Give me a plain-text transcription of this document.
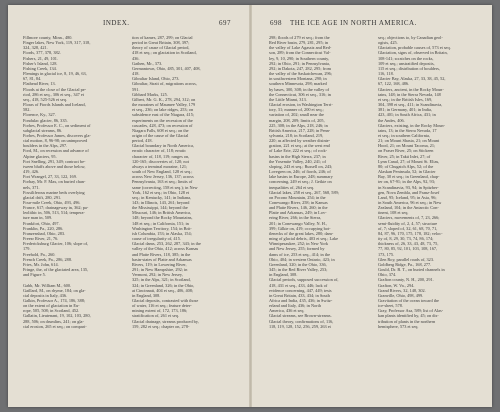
INDEX.	697
Fillmore county, Minn., 480.
Finger lakes, New York, 119, 317, 318,
324, 328, 421.
Fiords, 377, 378, 382.
Fishers, 21, 49, 101.
Fisher's Island, 128.
Fishing Creek, 134.
Flemings in glacial ice, 8, 19, 46, 63,
67, 81, 84.
Flathead River, 13.
Floods at the close of the Glacial pe-
riod, 286 et seq., 306 et seq., 347 et
seq., 418, 525-526 et seq.
Floras of Fiords Islands and Iceland,
582.
Florence, Ky., 327.
Fondulac glacier, 86, 335.
Forbes, Professor E. C., on sediment of
subglacial streams, 86.
Forbes, Professor James, discovers gla-
cial motion, 8, 96-98; on unimproved
boulders in the Alps, 297.
Ford, M., on recession and advance of
Alpine glaciers, 95.
Fort Snelling, 291, 349; contract be-
tween bluffs above and those below,
419, 426.
Fort Wrangel, 27, 33, 122, 169.
Forbay, Mr. F. Max, on buried chan-
nels, 371.
Fossiliferous marine beds overlying
glacial drift, 280, 291.
Four-mile Creek, Ohio, 493, 496.
France, 617; drainageway in, 362; pa-
leolithic in, 506, 513, 514; tempera-
ture man in, 509.
Frankfort, Ohio, 497.
Franklin, Pa., 220, 286.
Franzensbad, Ohio, 283.
Freezr River, 21, 76.
Fredericksburg Glacier, 106; slope of,
179.
Freehold, Pa., 260.
French Creek, Pa., 286, 288.
Fries, Mr. John, 614.
Fringe, the, of the glaciated area, 135,
and Figure 5.

Gabb, Mr. William M., 600.
Gaillard, M., on rhyme, 184; on gla-
cial deposits in Italy, 436.
Galkin, Professor A., 174, 186, 388;
on the extent of glaciation in Eu-
rope, 505, 508; in Scotland, 452.
Gallatin, Lieutenant, 19, 102, 103, 280,
288, 506; on drumlins, 241; on gla-
cial erosion, 265 et seq.; on compari-
tion of kames, 287, 299; on Glacial
period in Great Britain, 308, 397;
theory of cause of Glacial period,
418 et seq.; on glaciation in Scotland,
436.
Gathen, Mr., 373.
Germantown, Ohio, 485, 301, 407, 408,
418.
Gibraltar Island, Ohio, 273.
Gibraltar, Strait of, migrations across,
591.
Gibbard Marks, 125.
Gilbert, Mr. G. K., 278, 294, 312; on
the moraines of Maumee Valley, 179
et seq., 236; on lake ridges, 253; on
subsidence east of the Niagara, 415;
experiments on the recession of the
cascades, 428, 473; on recession of
Niagara Falls, 608 et seq.; on the
origin of the cause of the Glacial
period, 418.
Glacial boundary in North America,
erratic character of, 118; erratic
character of, 118, 119; ranges on,
120-165; discoveries of, 120; not
always a terminal moraine, 121;
south of New England, 128 et seq.;
across New Jersey, 136, 137; across
Pennsylvania, 163 et seq.; limits of
same (correcting, 158 et seq.); in New
York, 162 et seq.; in Ohio, 128 et
seq.; in Kentucky, 141; in Indiana,
143; in Illinois, 143, 261; beyond
the Mississippi, 144; beyond the
Missouri, 146; in British America,
148; beyond the Rocky Mountains,
148 et seq.; in California, 151; in
Washington Territory, 154; in Brit-
ish Columbia, 153; in Alaska, 154;
cause of irregularity of, 415.
Glacial dams, 253, 262, 287, 343; in the
valley of the Ohio, 412; across Kansas
and Platte Rivers, 118, 385; in the
basin-states of Platte and Arkansas
Rivers, 119; in Lowering River,
291; in New Hampshire, 292; in
Vermont, 292; in New Jersey,
325; in the Alps, 321; in Scotland,
324; in Greenland, 326; in the Ohio,
at Cincinnati, 404 et seq., 406, 408;
in England, 308.
Glacial deposits, contrasted with those
of water, 116 et seq.; feature deter-
mining extent of, 172, 173, 186;
stratification of, 261 et seq.
Glacial drainage, streams produced by,
159, 282 et seq.; chapter on, 278-
698 THE ICE AGE IN NORTH AMERICA.
298; floods of 279 et seq.; from the
Red River basin, 279, 281, 295; in
the valley of Lake Agassiz and Red-
son, 289; from the Connecticut Val-
ley, 9, 10, 290; in Southern county,
292; in Ohio, 291; in Pennsylvania,
292; in Dakota, 247, 282, 295; from
the valley of the Saskatchewan, 296;
in southwestern Montana, 290; in
southern Minnesota, 298; marked
by bases, 300, 308; in the valley of
the Connecticut, 306 et seq., 316; in
the Little Miami, 313.
Glacial erosion, in Washington Terri-
tory, 31; manner of, 200 et seq.;
variation of, 202; small near the
margin, 208, 209; limits of, 205,
225, 308; in the Alps, 218, 246; in
British America, 217, 228; in Penn-
sylvania, 218; in Scotland, 219,
220; as affected by weather disinte-
gration, 221 et seq.; at the west end
of Lake Erie, 222 et seq.; of rock-
basins in the High Sierra, 237; in
the Yosemite Valley, 240, 241; of
sloping, 243 et seq.; Russell on, 243;
Lovegren on, 246; of fiords, 246; of
lake basins in Europe, 248; summary
concerning, 249 et seq.; J. Geikie on
inequalities of, 264 et seq.
Glacial lakes, 258 et seq., 267, 568, 589;
on Pocono Mountain, 254; in the
Conewango River, 258; in Kansas
and Platte Rivers, 146, 260; in the
Platte and Arkansas, 249; in Lov-
ering River, 266; in the Sierra,
201; in Conewango Valley, N. H.,
399; Gilkie on, 419; occupying bot-
tlenecks of the great lakes, 280; dam-
ming of glacial debris, 403 et seq.; Lake
Winnipesaukee, 252; in New York
and New Jersey, 255; formed by
dams of ice, 253 et seq., 414; in the
Ohio, 404; in western Ontario, 423; in
Greenland, 320; in the Ohio, 336,
345; in the Red River Valley, 253;
in England, 308.
Glacial periods, supposed succession of,
418, 431 et seq., 433, 446; lack of
evidence concerning, 447, 449; tests
in Great Britain, 433, 434; in South
Africa and India, 435, 436; in Switz-
erland and Italy, 436; in North
America, 436 et seq.
Glacial streams, see Brown-streams.
Glacial theory, confirmations of, 116,
118, 119, 128, 152, 256, 259, 263 et
seq.; objections to, by Canadian geol-
ogists, 425.
Glaciation, probable causes of, 573 et seq.
Glaciation, signs of, observed in Britain,
108-141; scratches on the rocks,
109 et seq.; unstratified deposits,
115 et seq.; distribution of boulders,
116, 118.
Glacier Bay, Alaska, 27, 33, 38, 45, 52,
67, 122, 168, 486.
Glaciers, ancient, in the Rocky Moun-
tains, 148; in the Sierra Nevada, 148
et seq.; in the British Isles, 169,
304, 398 et seq., 411; in Scandinavia,
381; in Germany, 401; in India,
423, 401; in South Africa, 431; in
the Andes, 406.
Glaciers, existing, in the Rocky Moun-
tains, 13; in the Sierra Nevada, 17
et seq.; in southern California,
21; on Mount Shasta, 21; on Mount
Hood, 21; on Mount Tacoma, 21;
on Fraser River, 25; on Stickeen
River, 25; in Takú Inlet, 27; of
Lynn Canal, 27; of Mount St. Elias,
80; of Chugatch Alps, 52; of the
Alaskan Peninsula, 52; in Glacier
Bay, 30 et seq.; in Greenland, chap-
ter on, 67-91; in the Alps, 92, 93;
in Scandinavia, 93, 94; in Spitzber-
gen, Nova Zembla, and Franz-Josef
Land, 95; Iceland, 95; in Asia, 96;
in South America, 96 et seq.; in New
Zealand, 104; in the Antarctic Con-
tinent, 108 et seq.
Glaciers, movements of, 7, 23, 266;
semi-fluidity of, 2, 4, 57; structure
of, 7; sloped of, 32, 61, 68, 70, 71,
84, 87, 96, 170, 175, 178, 182; veloc-
ity of, 8, 29, 30, 73, 74, 86, 174;
thickness of, 26, 33, 43, 48, 73, 75,
77, 80, 85, 92, 101, 103, 108, 167,
173, 175.
Glen Roy, parallel roads of, 323.
Goldberg Ridge, Pa., 168, 277.
Gould, Dr. B. T., on buried channels in
Ohio, 374.
Grafton county, N. H., 200, 291.
Grafton, W. Va., 294.
Grand Rivers, 32, 148, 302.
Granville, Ohio, 498, 499.
Gravitation of the ocean toward the
ice-sheet, 578.
Gray, Professor Asa, 589; list of Alas-
kan plants identified by, 45; on dis-
tribution of plants in the northern
hemisphere, 573 et seq.
